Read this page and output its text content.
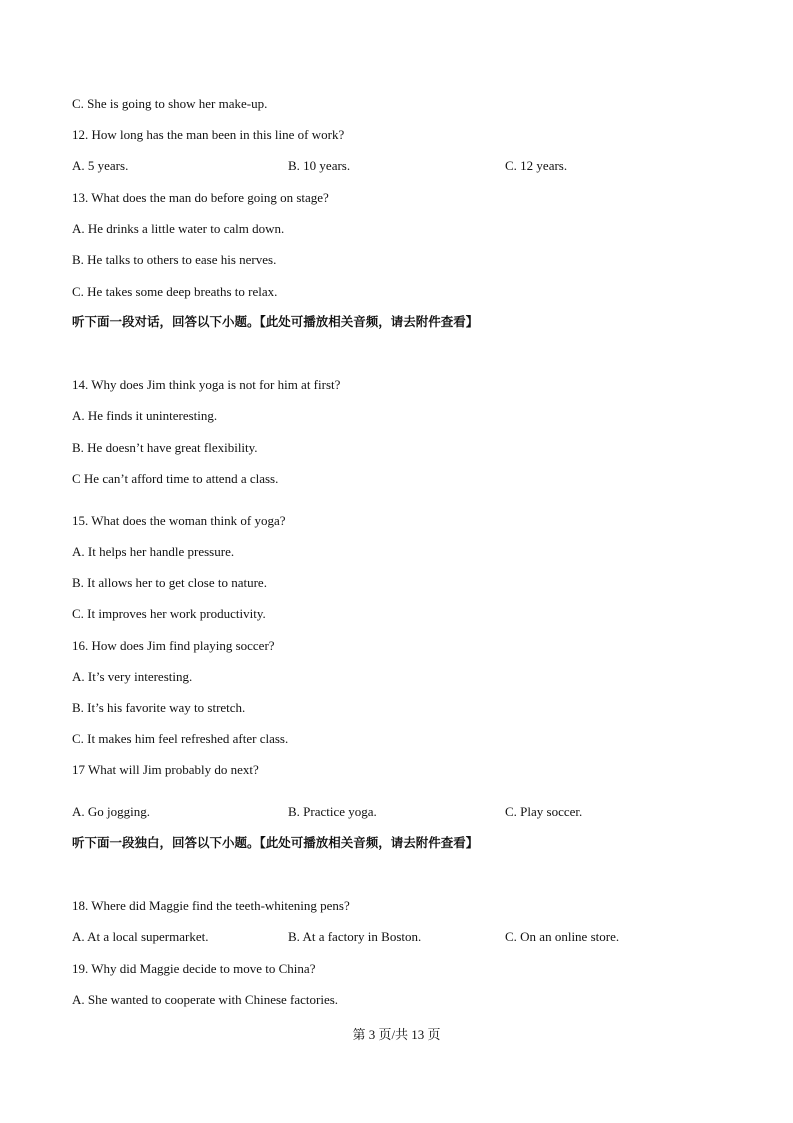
C. She is going to show her make-up.
12. How long has the man been in this line of work?
A. 5 years.	B. 10 years.	C. 12 years.
13. What does the man do before going on stage?
A. He drinks a little water to calm down.
B. He talks to others to ease his nerves.
C. He takes some deep breaths to relax.
听下面一段对话，回答以下小题。【此处可播放相关音频，请去附件查看】
14. Why does Jim think yoga is not for him at first?
A. He finds it uninteresting.
B. He doesn’t have great flexibility.
C He can’t afford time to attend a class.
15. What does the woman think of yoga?
A. It helps her handle pressure.
B. It allows her to get close to nature.
C. It improves her work productivity.
16. How does Jim find playing soccer?
A. It’s very interesting.
B. It’s his favorite way to stretch.
C. It makes him feel refreshed after class.
17 What will Jim probably do next?
A. Go jogging.	B. Practice yoga.	C. Play soccer.
听下面一段独白，回答以下小题。【此处可播放相关音频，请去附件查看】
18. Where did Maggie find the teeth-whitening pens?
A. At a local supermarket.	B. At a factory in Boston.	C. On an online store.
19. Why did Maggie decide to move to China?
A. She wanted to cooperate with Chinese factories.
第 3 页/共 13 页
